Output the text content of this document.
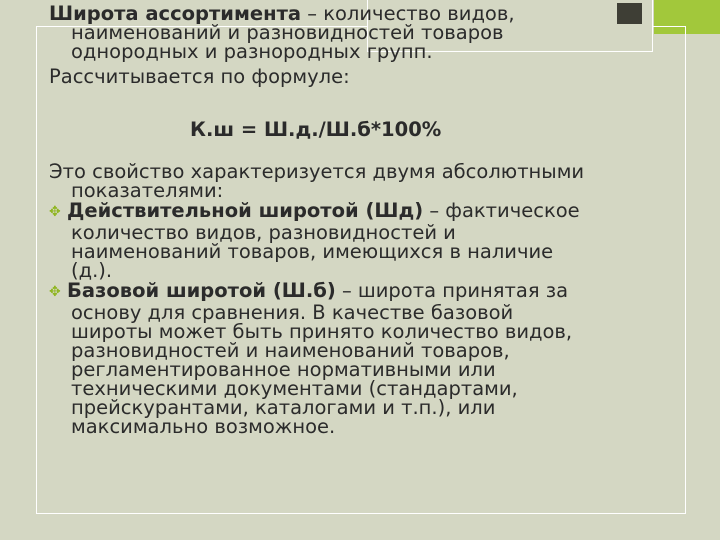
Широта ассортимента – количество видов,

наименований и разновидностей товаров

однородных и разнородных групп.

Рассчитывается по формуле:

К.ш = Ш.д./Ш.б*100%

Это свойство характеризуется двумя абсолютными

показателями:

✥ Действительной широтой (Шд) – фактическое

количество видов, разновидностей и

наименований товаров, имеющихся в наличие

(д.).

✥ Базовой широтой (Ш.б) – широта принятая за

основу для сравнения. В качестве базовой

широты может быть принято количество видов,

разновидностей и наименований товаров,

регламентированное нормативными или

техническими документами (стандартами,

прейскурантами, каталогами и т.п.), или

максимально возможное.
